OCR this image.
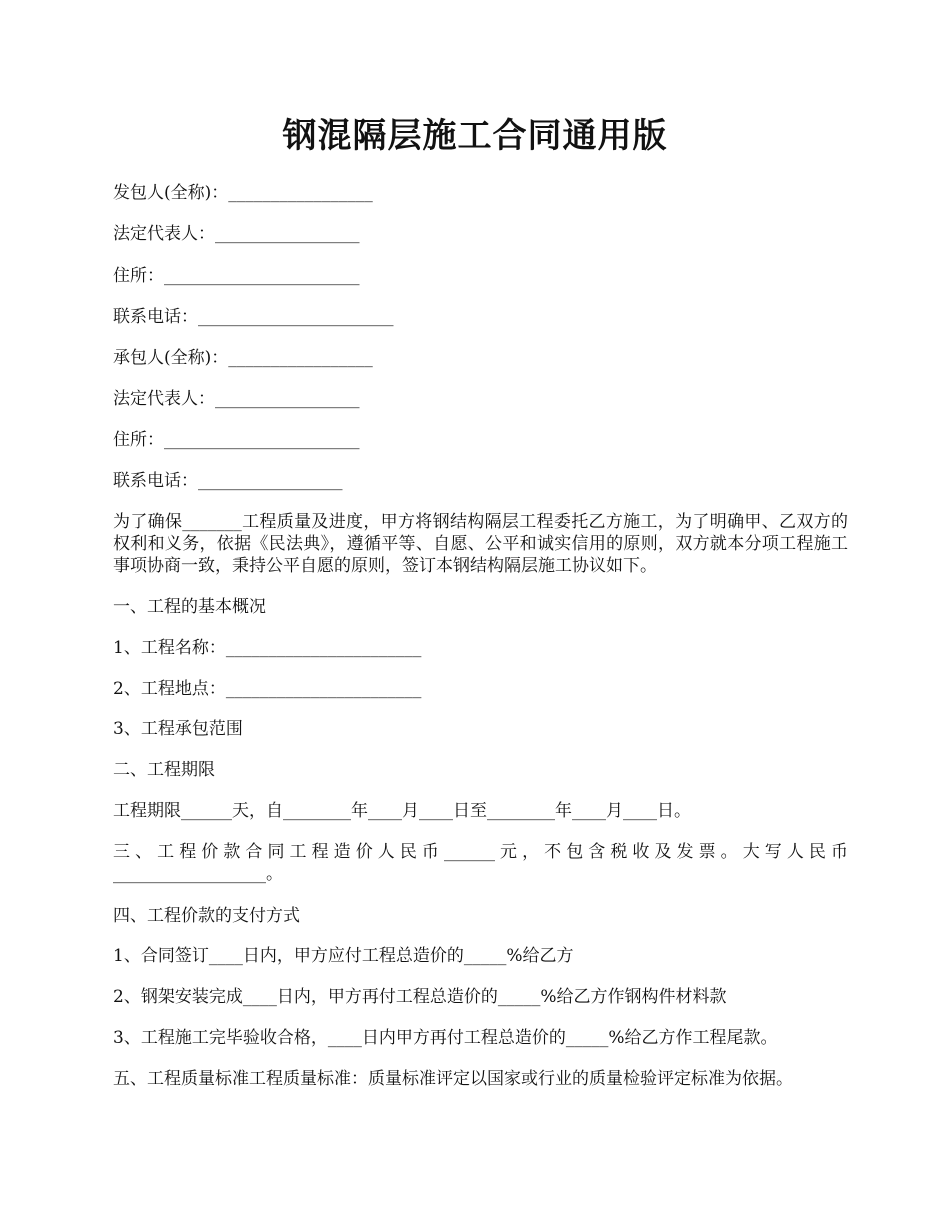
钢混隔层施工合同通用版
发包人(全称)：_________________
法定代表人：_________________
住所：_______________________
联系电话：_______________________
承包人(全称)：_________________
法定代表人：_________________
住所：_______________________
联系电话：_________________
为了确保_______工程质量及进度，甲方将钢结构隔层工程委托乙方施工，为了明确甲、乙双方的权利和义务，依据《民法典》，遵循平等、自愿、公平和诚实信用的原则，双方就本分项工程施工事项协商一致，秉持公平自愿的原则，签订本钢结构隔层施工协议如下。
一、工程的基本概况
1、工程名称：_______________________
2、工程地点：_______________________
3、工程承包范围
二、工程期限
工程期限______天，自________年____月____日至________年____月____日。
三、工程价款合同工程造价人民币______元，不包含税收及发票。大写人民币__________________。
四、工程价款的支付方式
1、合同签订____日内，甲方应付工程总造价的_____%给乙方
2、钢架安装完成____日内，甲方再付工程总造价的_____%给乙方作钢构件材料款
3、工程施工完毕验收合格，____日内甲方再付工程总造价的_____%给乙方作工程尾款。
五、工程质量标准工程质量标准：质量标准评定以国家或行业的质量检验评定标准为依据。
